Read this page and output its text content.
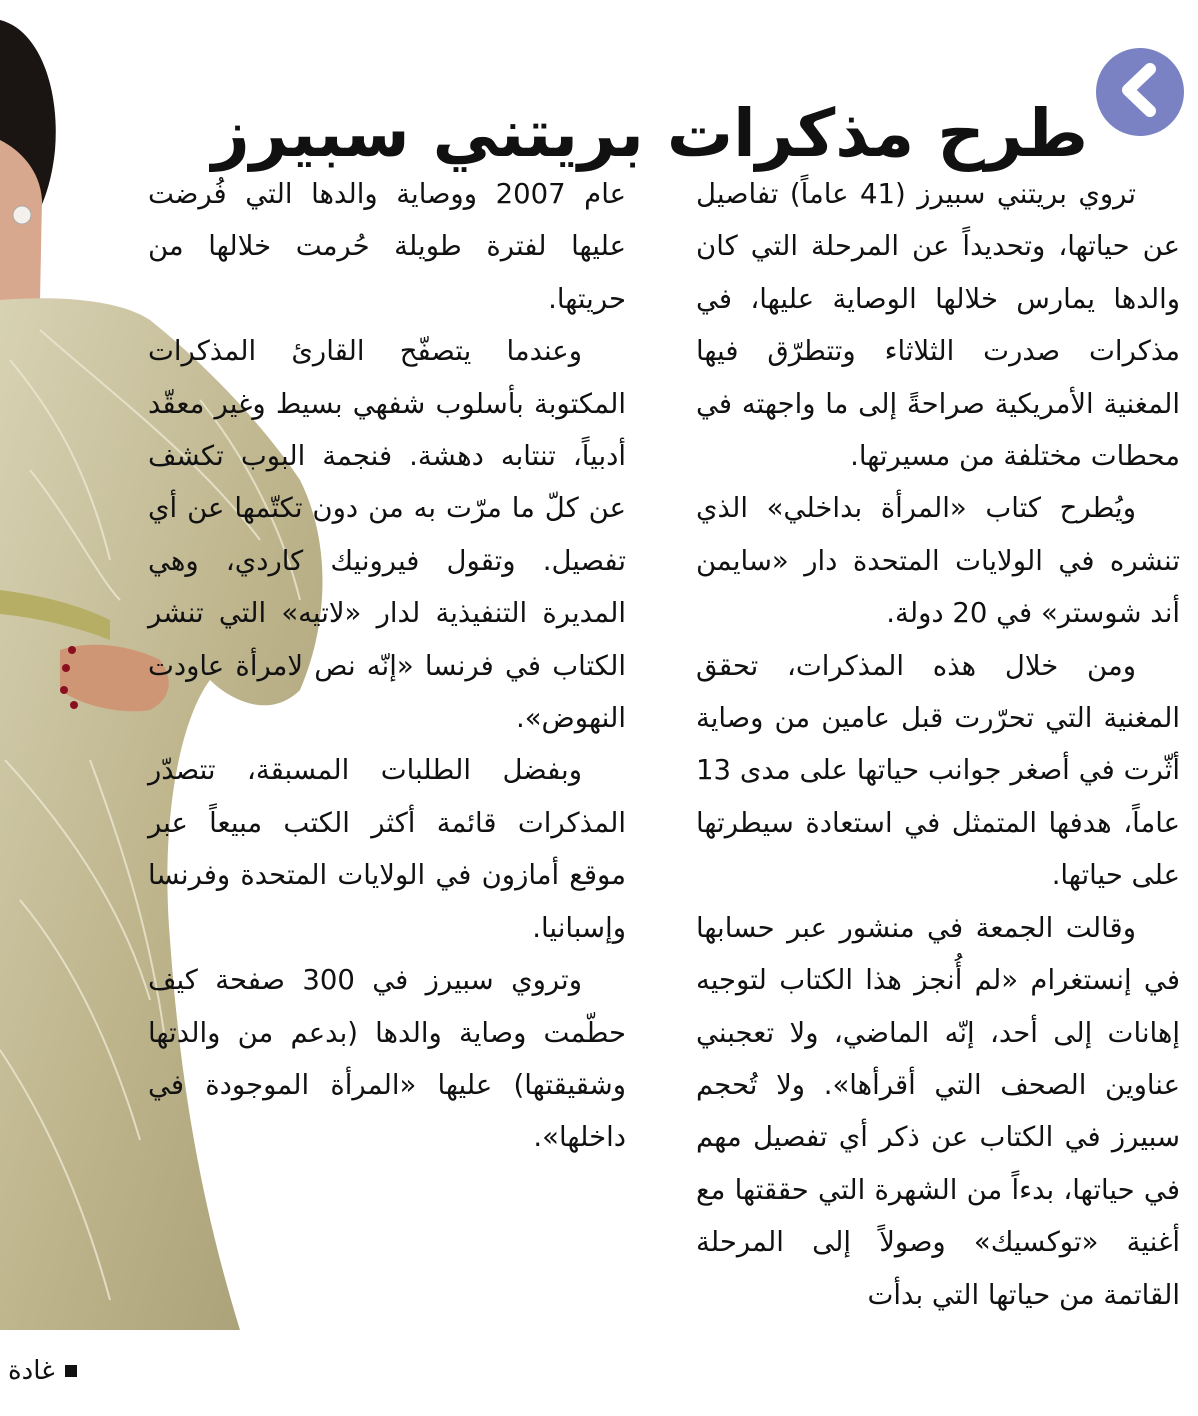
طرح مذكرات بريتني سبيرز

تروي بريتني سبيرز (41 عاماً) تفاصيل عن حياتها، وتحديداً عن المرحلة التي كان والدها يمارس خلالها الوصاية عليها، في مذكرات صدرت الثلاثاء وتتطرّق فيها المغنية الأمريكية صراحةً إلى ما واجهته في محطات مختلفة من مسيرتها.

ويُطرح كتاب «المرأة بداخلي» الذي تنشره في الولايات المتحدة دار «سايمن أند شوستر» في 20 دولة.

ومن خلال هذه المذكرات، تحقق المغنية التي تحرّرت قبل عامين من وصاية أثّرت في أصغر جوانب حياتها على مدى 13 عاماً، هدفها المتمثل في استعادة سيطرتها على حياتها.

وقالت الجمعة في منشور عبر حسابها في إنستغرام «لم أُنجز هذا الكتاب لتوجيه إهانات إلى أحد، إنّه الماضي، ولا تعجبني عناوين الصحف التي أقرأها». ولا تُحجم سبيرز في الكتاب عن ذكر أي تفصيل مهم في حياتها، بدءاً من الشهرة التي حققتها مع أغنية «توكسيك» وصولاً إلى المرحلة القاتمة من حياتها التي بدأت

عام 2007 ووصاية والدها التي فُرضت عليها لفترة طويلة حُرمت خلالها من حريتها.

وعندما يتصفّح القارئ المذكرات المكتوبة بأسلوب شفهي بسيط وغير معقّد أدبياً، تنتابه دهشة. فنجمة البوب تكشف عن كلّ ما مرّت به من دون تكتّمها عن أي تفصيل. وتقول فيرونيك كاردي، وهي المديرة التنفيذية لدار «لاتيه» التي تنشر الكتاب في فرنسا «إنّه نص لامرأة عاودت النهوض».

وبفضل الطلبات المسبقة، تتصدّر المذكرات قائمة أكثر الكتب مبيعاً عبر موقع أمازون في الولايات المتحدة وفرنسا وإسبانيا.

وتروي سبيرز في 300 صفحة كيف حطّمت وصاية والدها (بدعم من والدتها وشقيقتها) عليها «المرأة الموجودة في داخلها».

غادة
